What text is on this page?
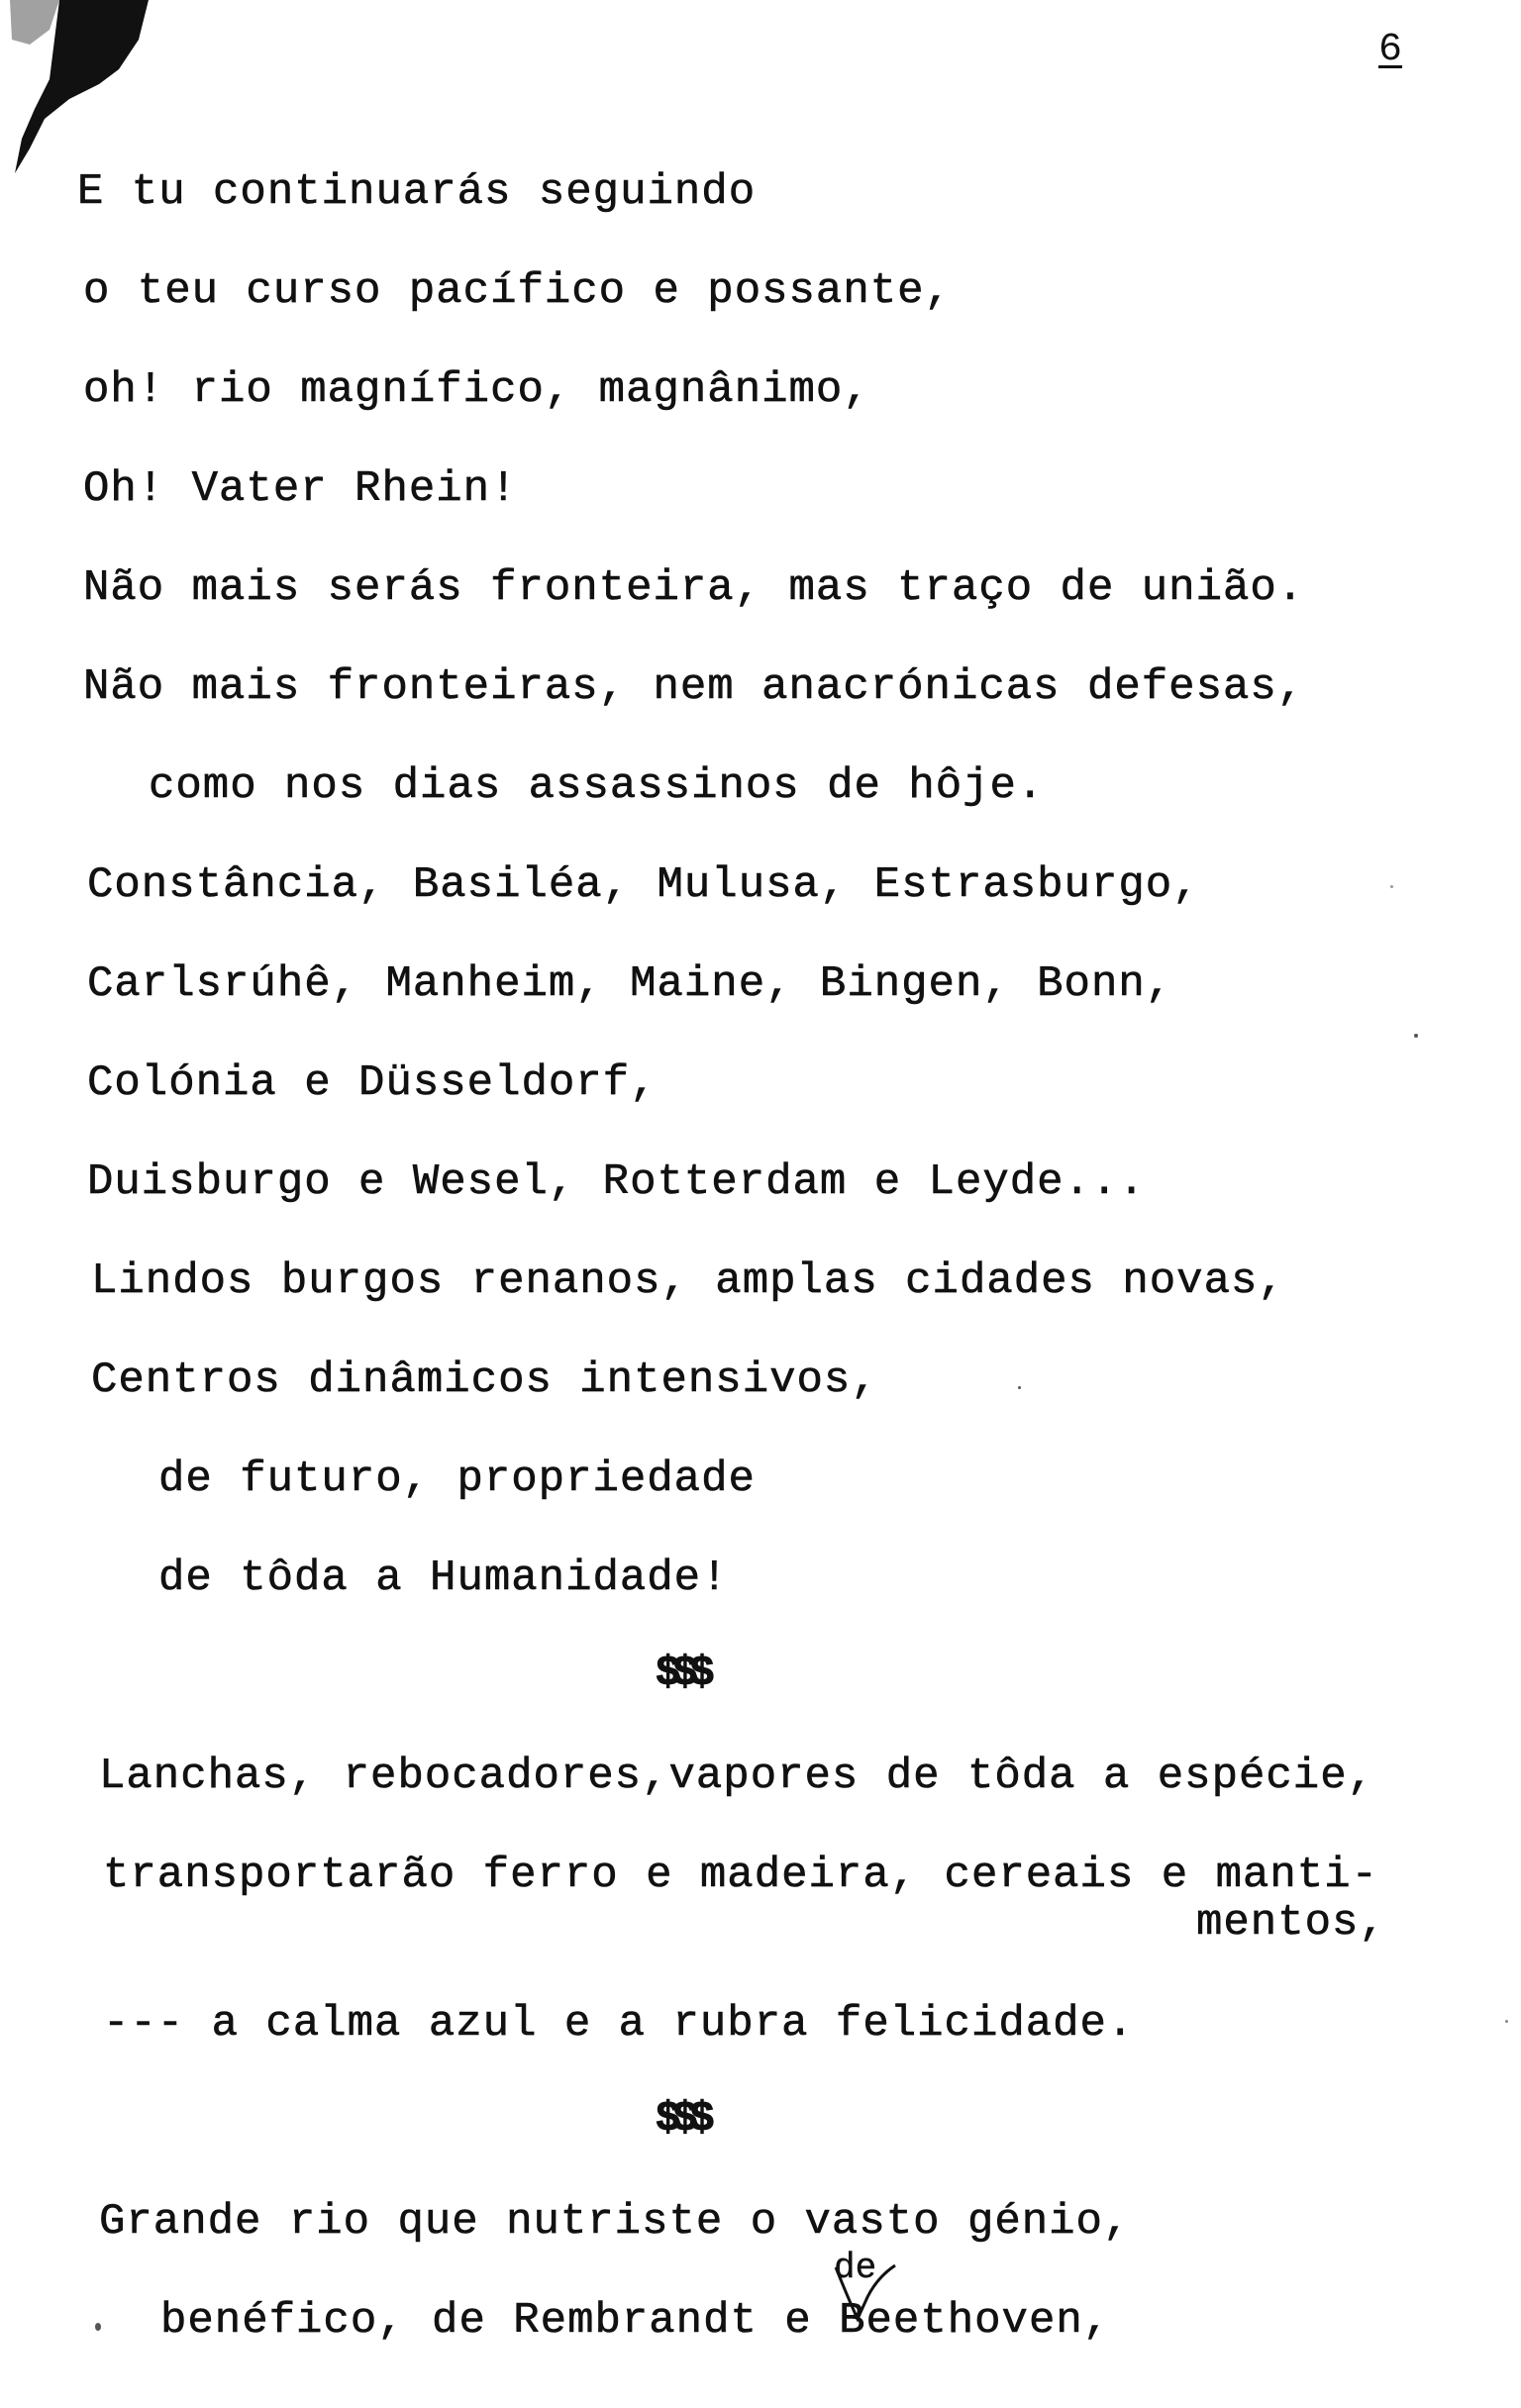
6
E tu continuarás seguindo
o teu curso pacífico e possante,
oh! rio magnífico, magnânimo,
Oh! Vater Rhein!
Não mais serás fronteira, mas traço de união.
Não mais fronteiras, nem anacrónicas defesas,
como nos dias assassinos de hôje.
Constância, Basiléa, Mulusa, Estrasburgo,
Carlsrúhê, Manheim, Maine, Bingen, Bonn,
Colónia e Düsseldorf,
Duisburgo e Wesel, Rotterdam e Leyde...
Lindos burgos renanos, amplas cidades novas,
Centros dinâmicos intensivos,
de futuro, propriedade
de tôda a Humanidade!
$$$
Lanchas, rebocadores,vapores de tôda a espécie,
transportarão ferro e madeira, cereais e manti-
mentos,
--- a calma azul e a rubra felicidade.
$$$
Grande rio que nutriste o vasto génio,
benéfico, de Rembrandt e Beethoven,
de
